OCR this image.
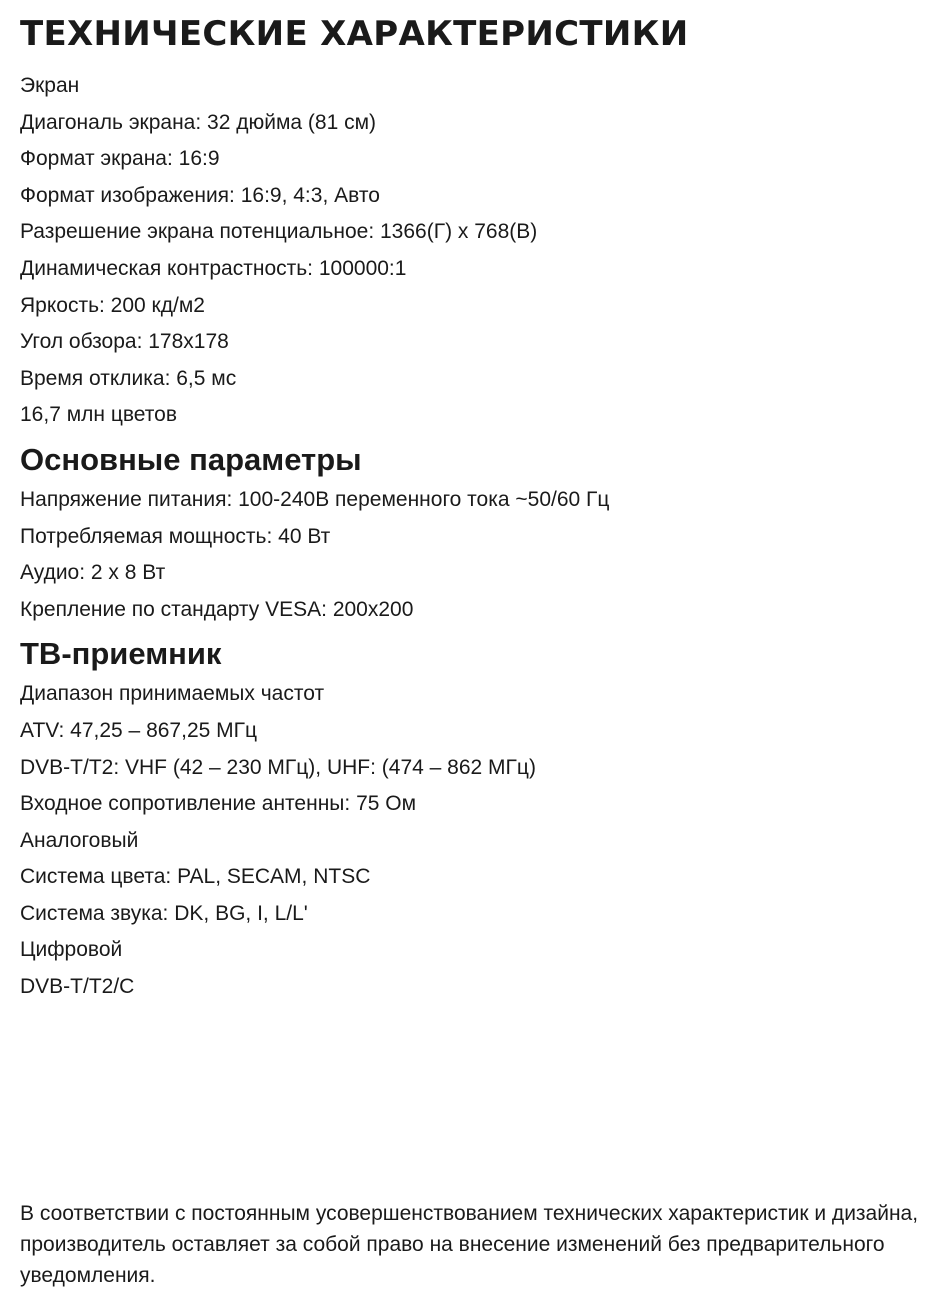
ТЕХНИЧЕСКИЕ ХАРАКТЕРИСТИКИ
Экран
Диагональ экрана: 32 дюйма (81 см)
Формат экрана: 16:9
Формат изображения: 16:9, 4:3, Авто
Разрешение экрана потенциальное: 1366(Г) x 768(В)
Динамическая контрастность: 100000:1
Яркость: 200 кд/м2
Угол обзора: 178x178
Время отклика: 6,5 мс
16,7 млн цветов
Основные параметры
Напряжение питания: 100-240В переменного тока ~50/60 Гц
Потребляемая мощность: 40 Вт
Аудио: 2 х 8 Вт
Крепление по стандарту VESA: 200х200
ТВ-приемник
Диапазон принимаемых частот
ATV: 47,25 – 867,25 МГц
DVB-T/T2: VHF (42 – 230 МГц), UHF: (474 – 862 МГц)
Входное сопротивление антенны: 75 Ом
Аналоговый
Система цвета: PAL, SECAM, NTSC
Система звука: DK, BG, I, L/L'
Цифровой
DVB-T/T2/C

В соответствии с постоянным усовершенствованием технических характеристик и дизайна, производитель оставляет за собой право на внесение изменений без предварительного уведомления.
